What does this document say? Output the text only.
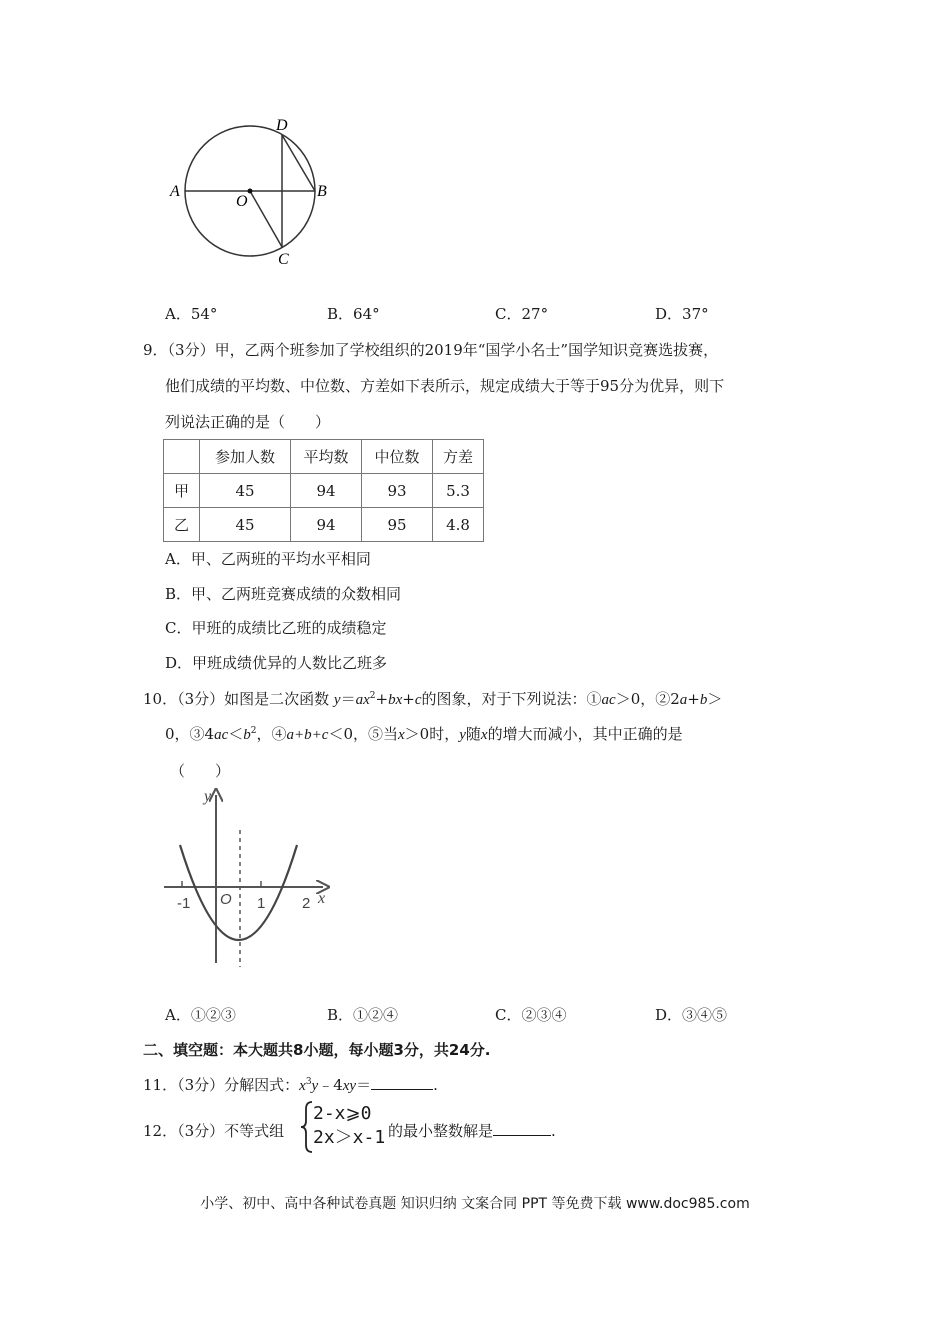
A	B
D
C
O
A．54°	B．64°	C．27°	D．37°
9．（3分）甲，乙两个班参加了学校组织的2019年“国学小名士”国学知识竞赛选拔赛，
他们成绩的平均数、中位数、方差如下表所示，规定成绩大于等于95分为优异，则下
列说法正确的是（　　）
	参加人数	平均数	中位数	方差
甲	45	94	93	5.3
乙	45	94	95	4.8
A．甲、乙两班的平均水平相同
B．甲、乙两班竞赛成绩的众数相同
C．甲班的成绩比乙班的成绩稳定
D．甲班成绩优异的人数比乙班多
10．（3分）如图是二次函数 $y=ax^2+bx+c$的图象，对于下列说法：①ac＞0，②2a+b＞
0，$③4ac<b^2$，④a+b+c＜0，⑤当x＞0时，y随x的增大而减小，其中正确的是
（　　）
y
x
O
-1	1 2
A．①②③	B．①②④	C．②③④	D．③④⑤
二、填空题：本大题共8小题，每小题3分，共24分.
11．（3分）分解因式：$x^3y﹣4xy=$	.
12．（3分）不等式组
2-x⩾0
2x＞x-1 的最小整数解是	.
小学、初中、高中各种试卷真题 知识归纳 文案合同 PPT 等免费下载 www.doc985.com
